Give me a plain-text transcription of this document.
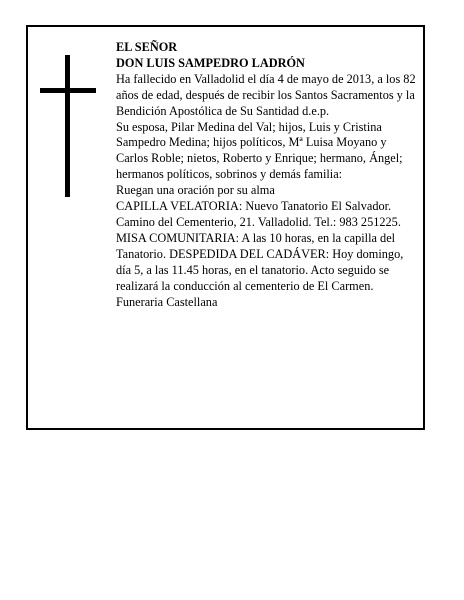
EL SEÑOR

DON LUIS SAMPEDRO LADRÓN

Ha fallecido en Valladolid el día 4 de mayo de 2013, a los 82 años de edad, después de recibir los Santos Sacramentos y la Bendición Apostólica de Su Santidad d.e.p.

Su esposa, Pilar Medina del Val; hijos, Luis y Cristina Sampedro Medina; hijos políticos, Mª Luisa Moyano y Carlos Roble; nietos, Roberto y Enrique; hermano, Ángel; hermanos políticos, sobrinos y demás familia:

Ruegan una oración por su alma

CAPILLA VELATORIA: Nuevo Tanatorio El Salvador. Camino del Cementerio, 21. Valladolid. Tel.: 983 251225.

MISA COMUNITARIA: A las 10 horas, en la capilla del Tanatorio. DESPEDIDA DEL CADÁVER: Hoy domingo, día 5, a las 11.45 horas, en el tanatorio. Acto seguido se realizará la conducción al cementerio de El Carmen.

Funeraria Castellana
